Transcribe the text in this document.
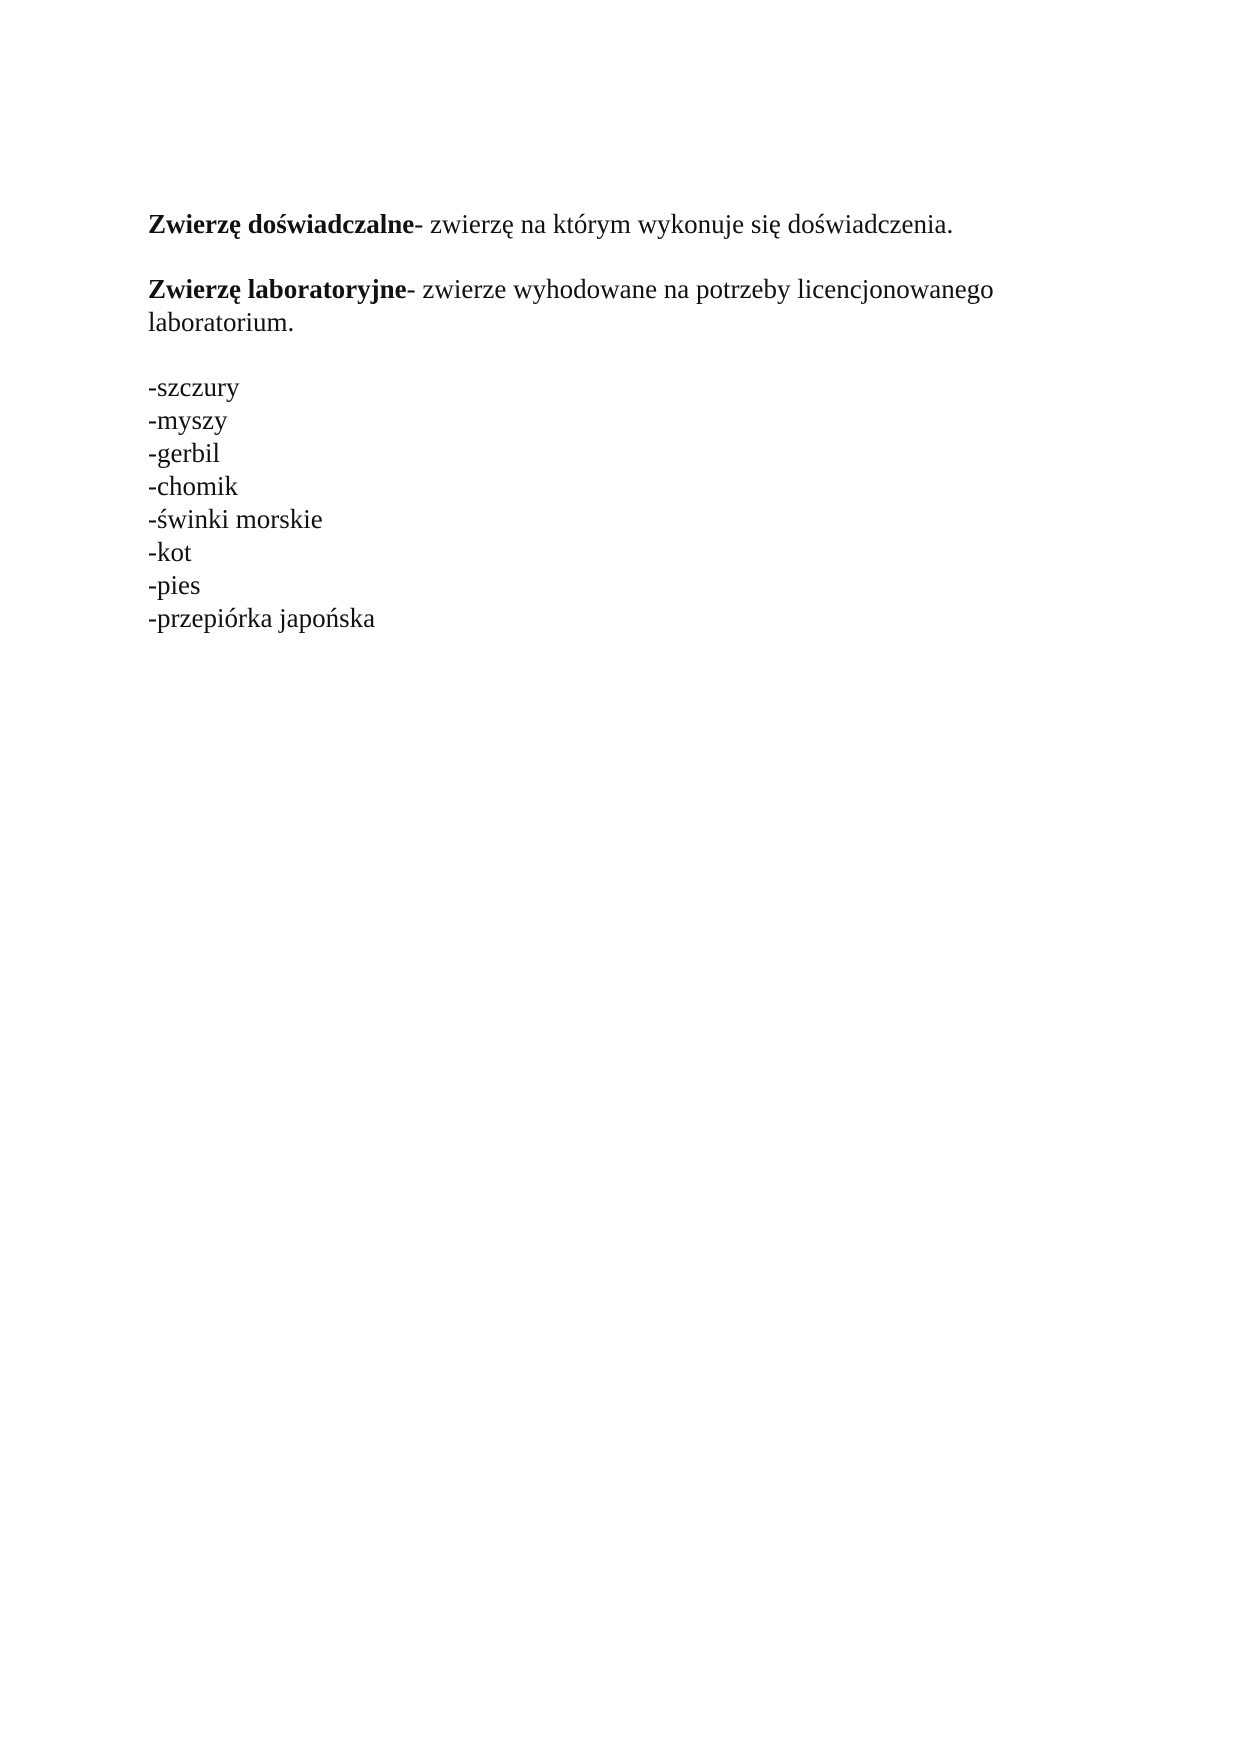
Zwierzę doświadczalne- zwierzę na którym wykonuje się doświadczenia.

Zwierzę laboratoryjne- zwierze wyhodowane na potrzeby licencjonowanego laboratorium.

-szczury
-myszy
-gerbil
-chomik
-świnki morskie
-kot
-pies
-przepiórka japońska
